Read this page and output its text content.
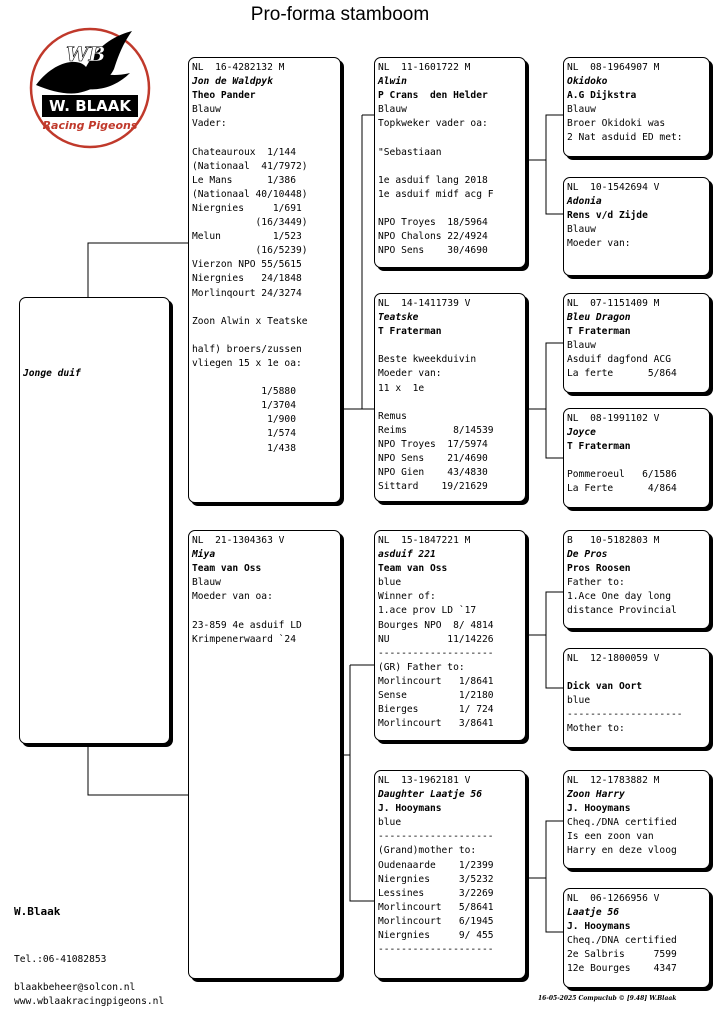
Pro-forma stamboom
WB
W. BLAAK
Racing Pigeons

Jonge duif

NL  16-4282132 M
Jon de Waldpyk
Theo Pander
Blauw
Vader:
Chateauroux  1/144
(Nationaal  41/7972)
Le Mans      1/386
(Nationaal 40/10448)
Niergnies     1/691
(16/3449)
Melun         1/523
(16/5239)
Vierzon NPO 55/5615
Niergnies   24/1848
Morlinqourt 24/3274
Zoon Alwin x Teatske
half) broers/zussen
vliegen 15 x 1e oa:
1/5880
1/3704
1/900
1/574
1/438
NL  21-1304363 V
Miya
Team van Oss
Blauw
Moeder van oa:
23-859 4e asduif LD
Krimpenerwaard `24
NL  11-1601722 M
Alwin
P Crans  den Helder
Blauw
Topkweker vader oa:
"Sebastiaan
1e asduif lang 2018
1e asduif midf acg F
NPO Troyes  18/5964
NPO Chalons 22/4924
NPO Sens    30/4690
NL  14-1411739 V
Teatske
T Fraterman
Beste kweekduivin
Moeder van:
11 x  1e
Remus
Reims        8/14539
NPO Troyes  17/5974
NPO Sens    21/4690
NPO Gien    43/4830
Sittard    19/21629
NL  15-1847221 M
asduif 221
Team van Oss
blue
Winner of:
1.ace prov LD `17
Bourges NPO  8/ 4814
NU          11/14226
--------------------
(GR) Father to:
Morlincourt   1/8641
Sense         1/2180
Bierges       1/ 724
Morlincourt   3/8641
NL  13-1962181 V
Daughter Laatje 56
J. Hooymans
blue
--------------------
(Grand)mother to:
Oudenaarde    1/2399
Niergnies     3/5232
Lessines      3/2269
Morlincourt   5/8641
Morlincourt   6/1945
Niergnies     9/ 455
--------------------
NL  08-1964907 M
Okidoko
A.G Dijkstra
Blauw
Broer Okidoki was
2 Nat asduid ED met:
NL  10-1542694 V
Adonia
Rens v/d Zijde
Blauw
Moeder van:
NL  07-1151409 M
Bleu Dragon
T Fraterman
Blauw
Asduif dagfond ACG
La ferte      5/864
NL  08-1991102 V
Joyce
T Fraterman
Pommeroeul   6/1586
La Ferte      4/864
B   10-5182803 M
De Pros
Pros Roosen
Father to:
1.Ace One day long
distance Provincial
NL  12-1800059 V
Dick van Oort
blue
--------------------
Mother to:
NL  12-1783882 M
Zoon Harry
J. Hooymans
Cheq./DNA certified
Is een zoon van
Harry en deze vloog
NL  06-1266956 V
Laatje 56
J. Hooymans
Cheq./DNA certified
2e Salbris     7599
12e Bourges    4347
W.Blaak
Tel.:06-41082853
blaakbeheer@solcon.nl
www.wblaakracingpigeons.nl	16-05-2025 Compuclub © [9.48] W.Blaak
